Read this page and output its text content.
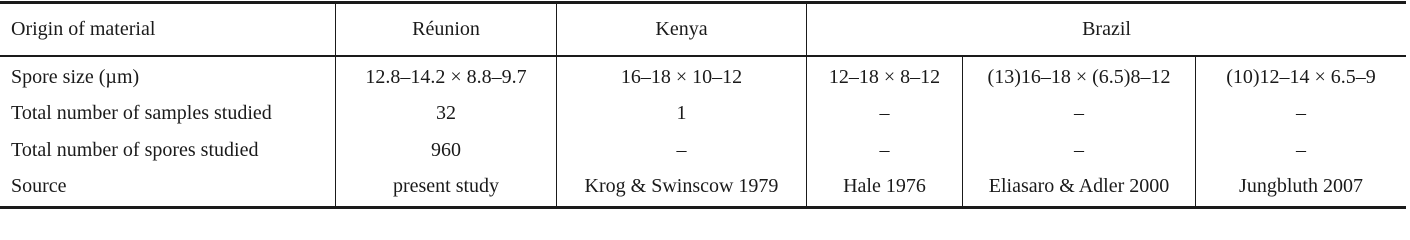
Origin of material	Réunion	Kenya	Brazil
Spore size (µm)	12.8–14.2 × 8.8–9.7	16–18 × 10–12	12–18 × 8–12	(13)16–18 × (6.5)8–12	(10)12–14 × 6.5–9
Total number of samples studied	32	1	–	–	–
Total number of spores studied	960	–	–	–	–
Source	present study	Krog & Swinscow 1979	Hale 1976	Eliasaro & Adler 2000	Jungbluth 2007
